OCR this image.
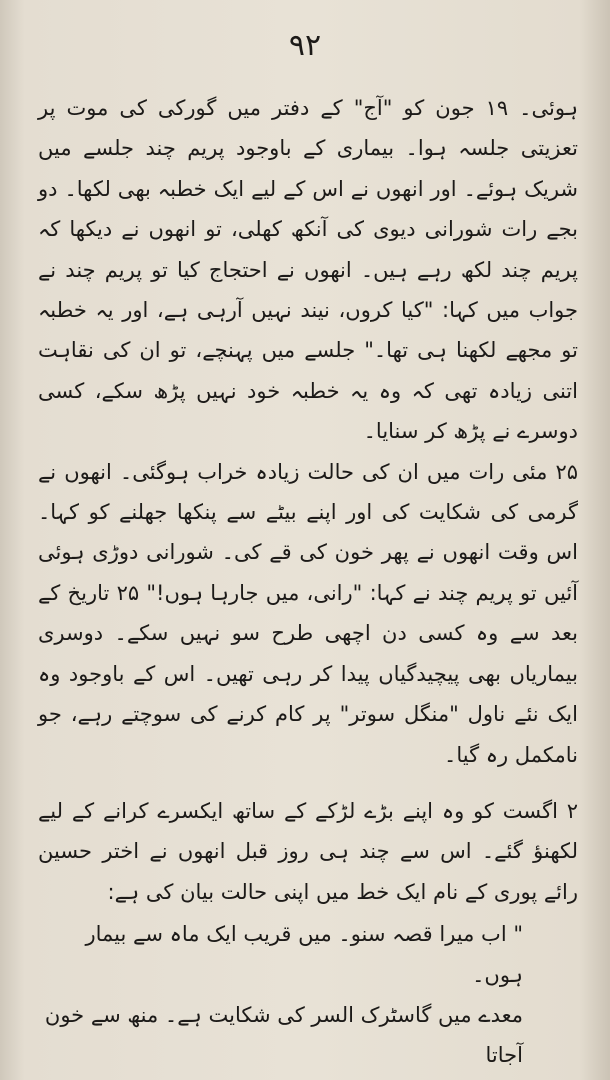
۹۲

ہوئی۔ ۱۹ جون کو "آج" کے دفتر میں گورکی کی موت پر تعزیتی جلسہ ہوا۔ بیماری کے باوجود پریم چند جلسے میں شریک ہوئے۔ اور انھوں نے اس کے لیے ایک خطبہ بھی لکھا۔ دو بجے رات شورانی دیوی کی آنکھ کھلی، تو انھوں نے دیکھا کہ پریم چند لکھ رہے ہیں۔ انھوں نے احتجاج کیا تو پریم چند نے جواب میں کہا: "کیا کروں، نیند نہیں آرہی ہے، اور یہ خطبہ تو مجھے لکھنا ہی تھا۔" جلسے میں پہنچے، تو ان کی نقاہت اتنی زیادہ تھی کہ وہ یہ خطبہ خود نہیں پڑھ سکے، کسی دوسرے نے پڑھ کر سنایا۔

۲۵ مئی رات میں ان کی حالت زیادہ خراب ہوگئی۔ انھوں نے گرمی کی شکایت کی اور اپنے بیٹے سے پنکھا جھلنے کو کہا۔ اس وقت انھوں نے پھر خون کی قے کی۔ شورانی دوڑی ہوئی آئیں تو پریم چند نے کہا: "رانی، میں جارہا ہوں!" ۲۵ تاریخ کے بعد سے وہ کسی دن اچھی طرح سو نہیں سکے۔ دوسری بیماریاں بھی پیچیدگیاں پیدا کر رہی تھیں۔ اس کے باوجود وہ ایک نئے ناول "منگل سوتر" پر کام کرنے کی سوچتے رہے، جو نامکمل رہ گیا۔

۲ اگست کو وہ اپنے بڑے لڑکے کے ساتھ ایکسرے کرانے کے لیے لکھنؤ گئے۔ اس سے چند ہی روز قبل انھوں نے اختر حسین رائے پوری کے نام ایک خط میں اپنی حالت بیان کی ہے:

" اب میرا قصہ سنو۔ میں قریب ایک ماہ سے بیمار ہوں۔
معدے میں گاسٹرک السر کی شکایت ہے۔ منھ سے خون آجاتا
